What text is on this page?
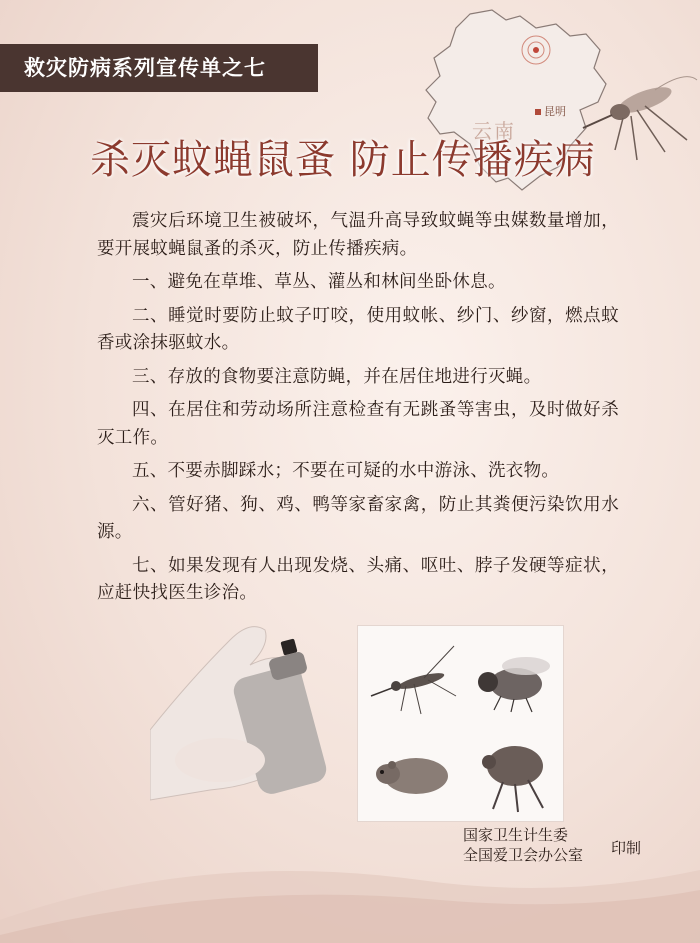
昆明
云南
救灾防病系列宣传单之七
杀灭蚊蝇鼠蚤 防止传播疾病

震灾后环境卫生被破坏，气温升高导致蚊蝇等虫媒数量增加，要开展蚊蝇鼠蚤的杀灭，防止传播疾病。

一、避免在草堆、草丛、灌丛和林间坐卧休息。

二、睡觉时要防止蚊子叮咬，使用蚊帐、纱门、纱窗，燃点蚊香或涂抹驱蚊水。

三、存放的食物要注意防蝇，并在居住地进行灭蝇。

四、在居住和劳动场所注意检查有无跳蚤等害虫，及时做好杀灭工作。

五、不要赤脚踩水；不要在可疑的水中游泳、洗衣物。

六、管好猪、狗、鸡、鸭等家畜家禽，防止其粪便污染饮用水源。

七、如果发现有人出现发烧、头痛、呕吐、脖子发硬等症状，应赶快找医生诊治。

国家卫生计生委
全国爱卫会办公室 印制
